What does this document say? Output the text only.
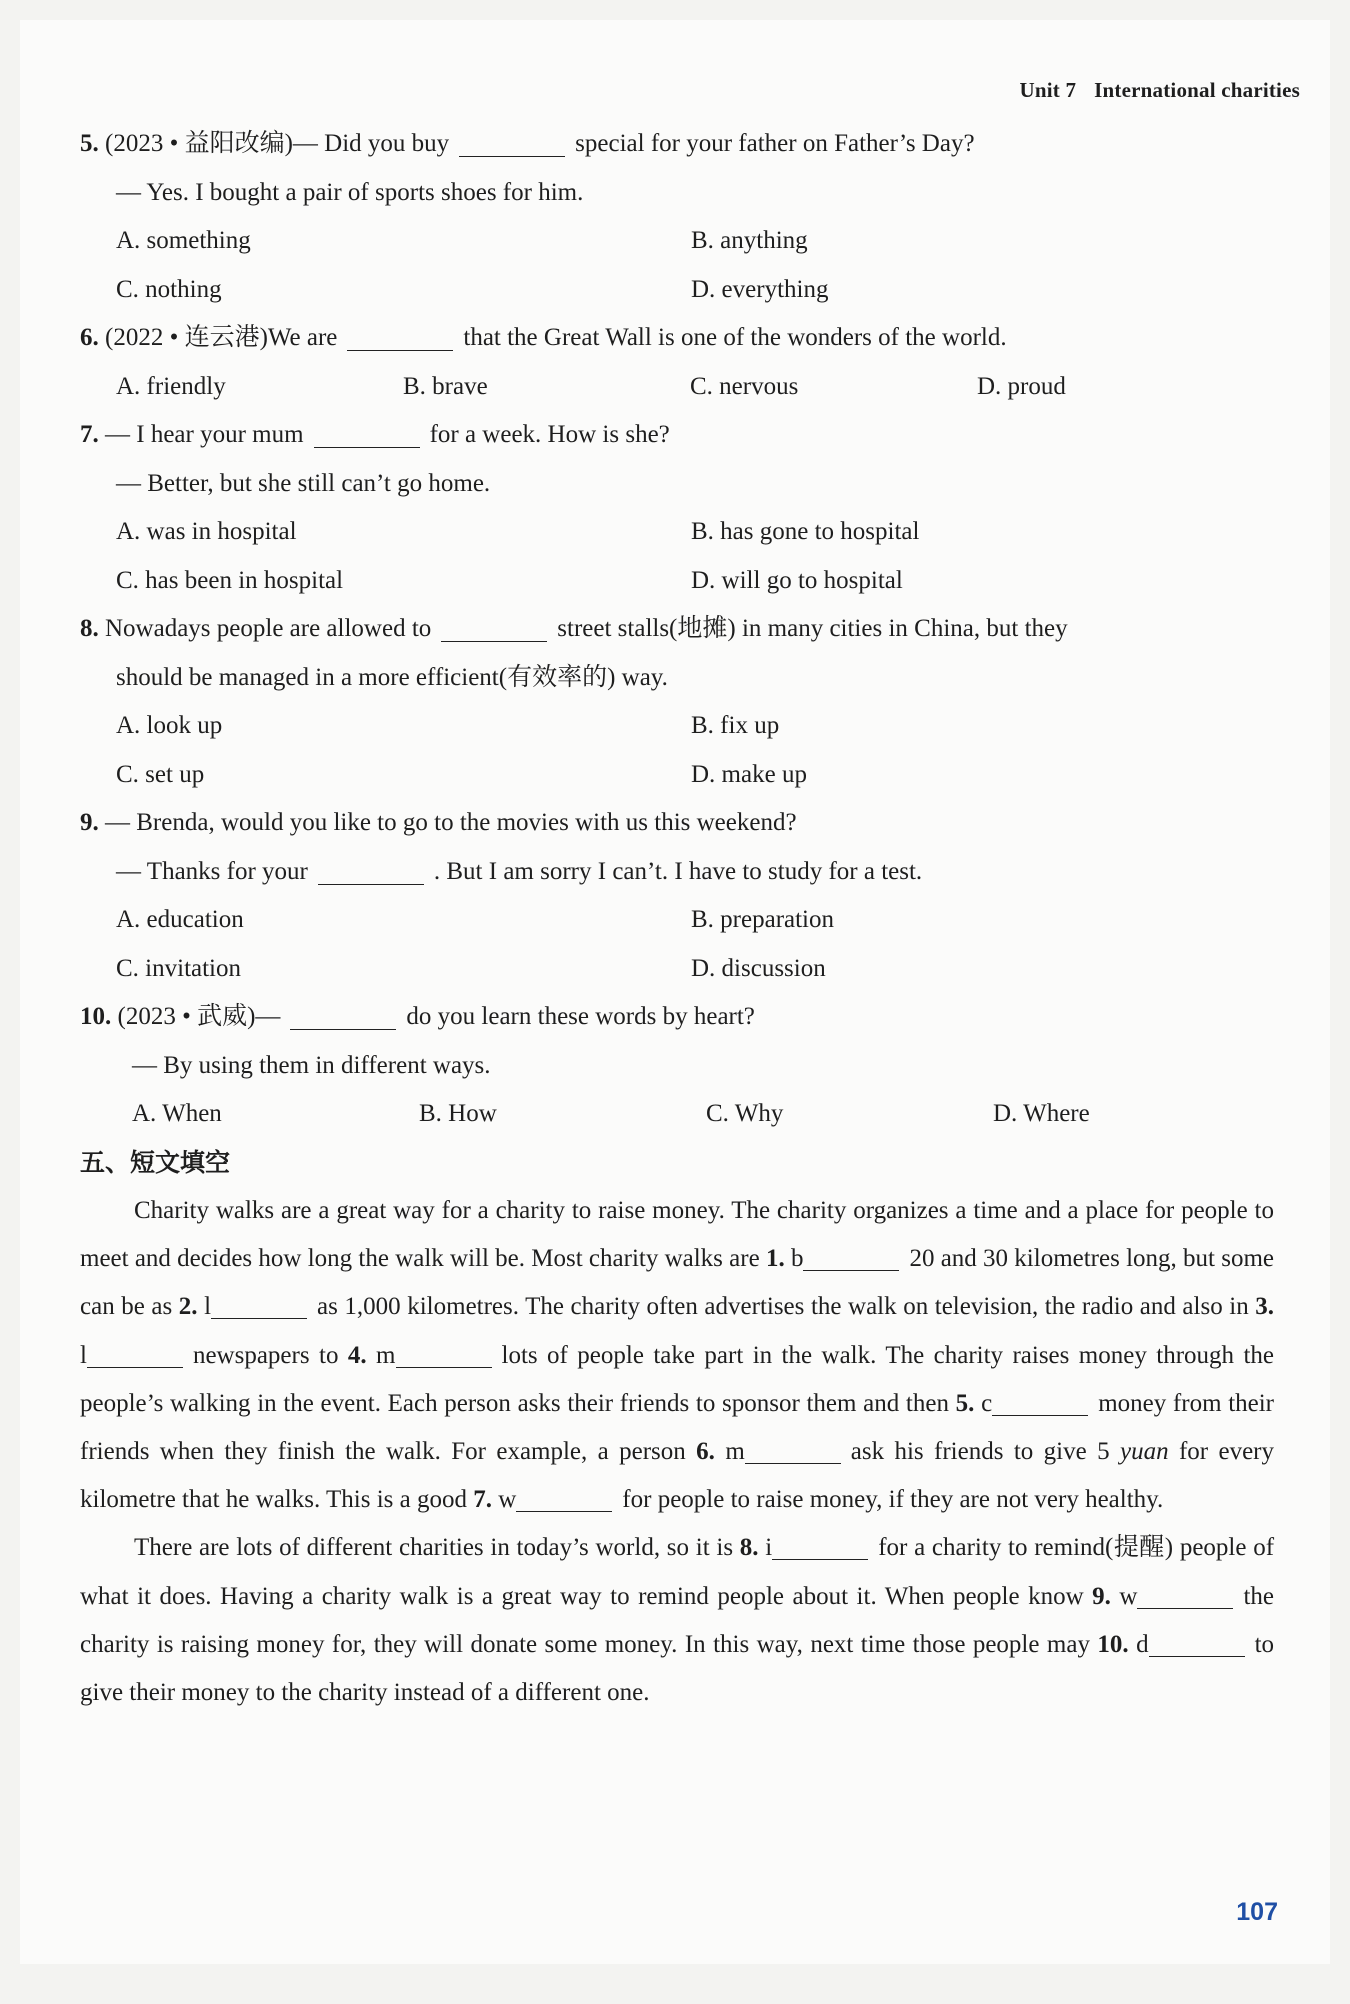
Unit 7 International charities
5. (2023 • 益阳改编)— Did you buy	special for your father on Father’s Day?
— Yes. I bought a pair of sports shoes for him.
A. something	B. anything
C. nothing	D. everything
6. (2022 • 连云港)We are	that the Great Wall is one of the wonders of the world.
A. friendly	B. brave	C. nervous	D. proud
7. — I hear your mum	for a week. How is she?
— Better, but she still can’t go home.
A. was in hospital	B. has gone to hospital
C. has been in hospital	D. will go to hospital
8. Nowadays people are allowed to	street stalls(地摊) in many cities in China, but they
should be managed in a more efficient(有效率的) way.
A. look up	B. fix up
C. set up	D. make up
9. — Brenda, would you like to go to the movies with us this weekend?
— Thanks for your	. But I am sorry I can’t. I have to study for a test.
A. education	B. preparation
C. invitation	D. discussion
10. (2023 • 武威)—	do you learn these words by heart?
— By using them in different ways.
A. When	B. How	C. Why	D. Where
五、短文填空
Charity walks are a great way for a charity to raise money. The charity organizes a time and a place for people to meet and decides how long the walk will be. Most charity walks are 1. b	20 and 30 kilometres long, but some can be as 2. l	as 1,000 kilometres. The charity often advertises the walk on television, the radio and also in 3. l	newspapers to 4. m	lots of people take part in the walk. The charity raises money through the people’s walking in the event. Each person asks their friends to sponsor them and then 5. c	money from their friends when they finish the walk. For example, a person 6. m	ask his friends to give 5 yuan for every kilometre that he walks. This is a good 7. w	for people to raise money, if they are not very healthy.
There are lots of different charities in today’s world, so it is 8. i	for a charity to remind(提醒) people of what it does. Having a charity walk is a great way to remind people about it. When people know 9. w	the charity is raising money for, they will donate some money. In this way, next time those people may 10. d	to give their money to the charity instead of a different one.
107
